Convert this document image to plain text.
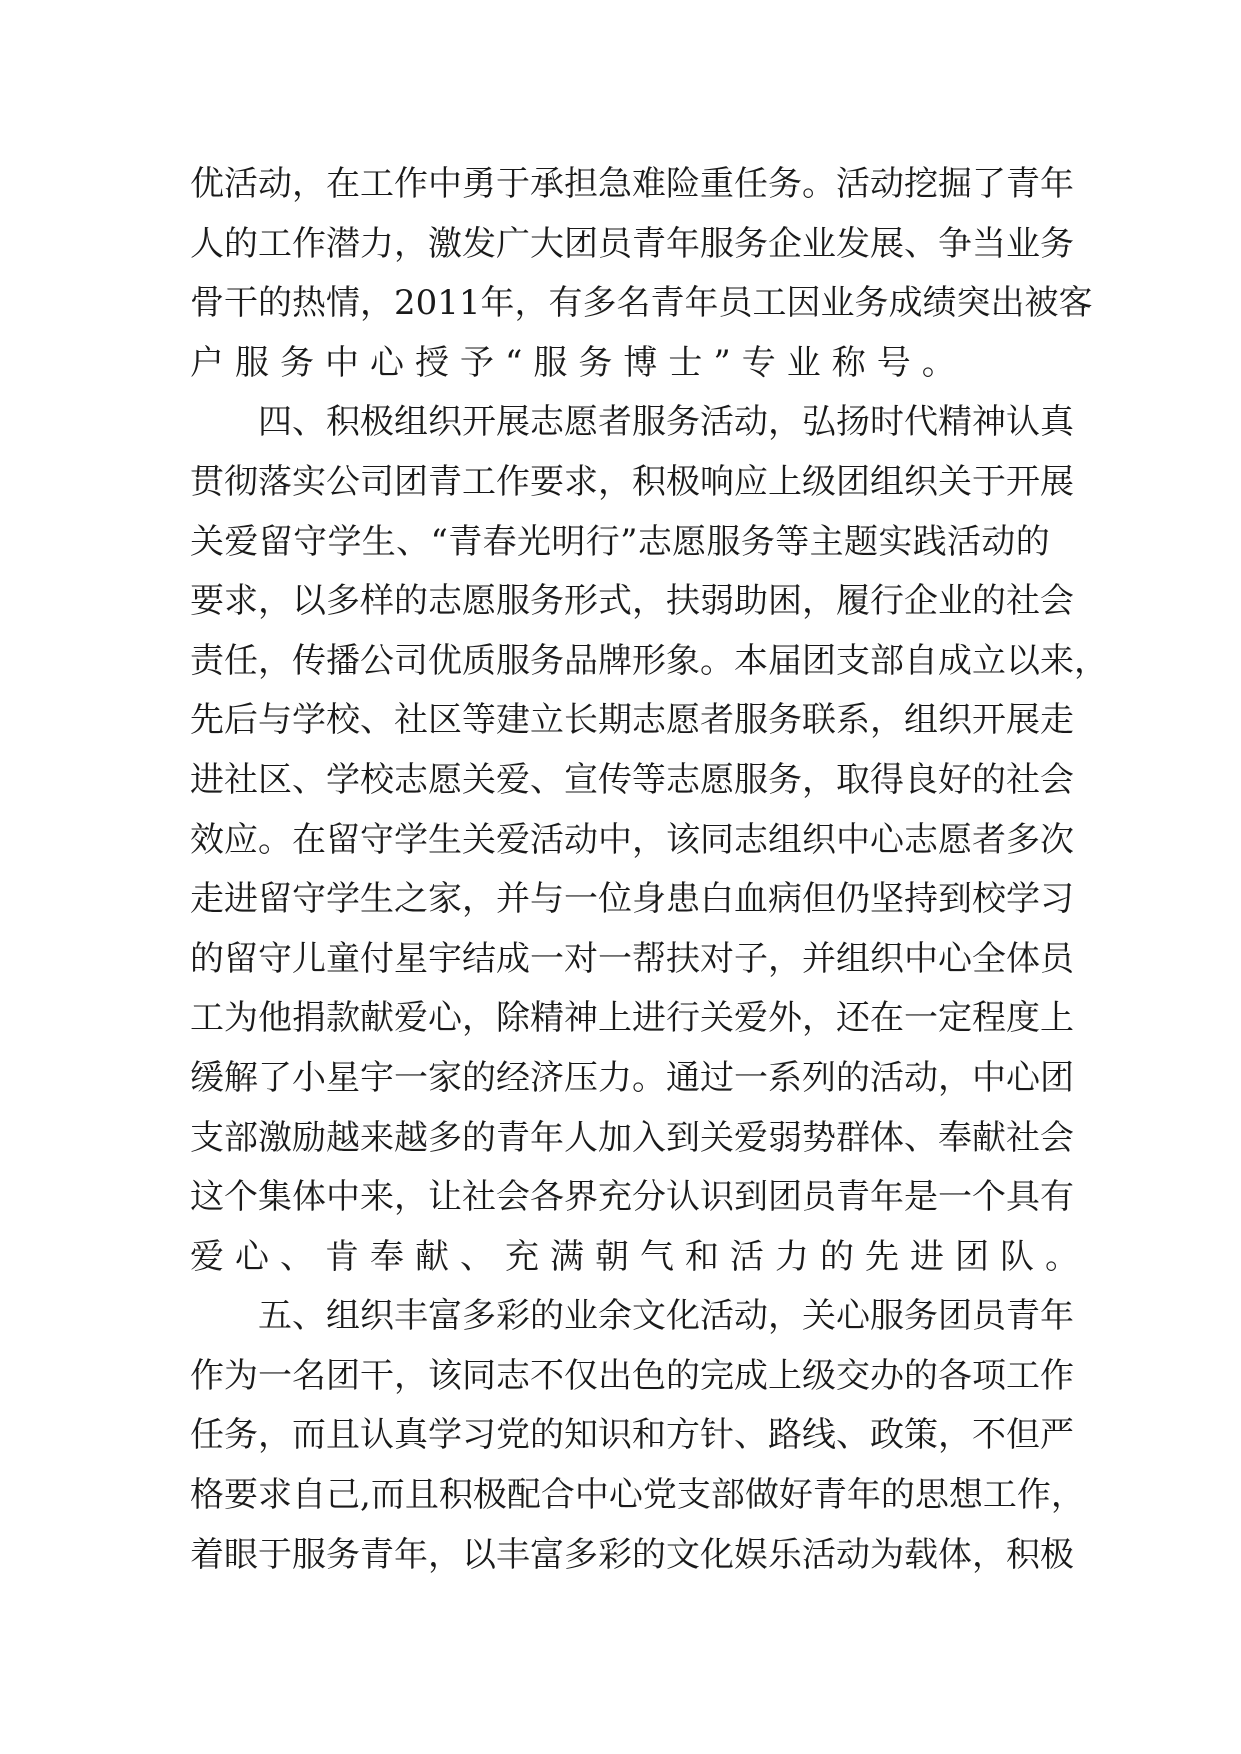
优 活 动 ， 在 工 作 中 勇 于 承 担 急 难 险 重 任 务 。 活 动 挖 掘 了 青 年
人 的 工 作 潜 力 ， 激 发 广 大 团 员 青 年 服 务 企 业 发 展 、 争 当 业 务
骨 干 的 热 情 ， 2011 年 ， 有 多 名 青 年 员 工 因 业 务 成 绩 突 出 被 客
户服务中心授予“服务博士”专业称号。
四 、 积 极 组 织 开 展 志 愿 者 服 务 活 动 ， 弘 扬 时 代 精 神 认 真
贯 彻 落 实 公 司 团 青 工 作 要 求 ， 积 极 响 应 上 级 团 组 织 关 于 开 展
关 爱 留 守 学 生 、 “ 青 春 光 明 行 ” 志 愿 服 务 等 主 题 实 践 活 动 的
要 求 ， 以 多 样 的 志 愿 服 务 形 式 ， 扶 弱 助 困 ， 履 行 企 业 的 社 会
责 任 ， 传 播 公 司 优 质 服 务 品 牌 形 象 。 本 届 团 支 部 自 成 立 以 来 ，
先 后 与 学 校 、 社 区 等 建 立 长 期 志 愿 者 服 务 联 系 ， 组 织 开 展 走
进 社 区 、 学 校 志 愿 关 爱 、 宣 传 等 志 愿 服 务 ， 取 得 良 好 的 社 会
效 应 。 在 留 守 学 生 关 爱 活 动 中 ， 该 同 志 组 织 中 心 志 愿 者 多 次
走 进 留 守 学 生 之 家 ， 并 与 一 位 身 患 白 血 病 但 仍 坚 持 到 校 学 习
的 留 守 儿 童 付 星 宇 结 成 一 对 一 帮 扶 对 子 ， 并 组 织 中 心 全 体 员
工 为 他 捐 款 献 爱 心 ， 除 精 神 上 进 行 关 爱 外 ， 还 在 一 定 程 度 上
缓 解 了 小 星 宇 一 家 的 经 济 压 力 。 通 过 一 系 列 的 活 动 ， 中 心 团
支 部 激 励 越 来 越 多 的 青 年 人 加 入 到 关 爱 弱 势 群 体 、 奉 献 社 会
这 个 集 体 中 来 ， 让 社 会 各 界 充 分 认 识 到 团 员 青 年 是 一 个 具 有
爱心、肯奉献、充满朝气和活力的先进团队。
五 、 组 织 丰 富 多 彩 的 业 余 文 化 活 动 ， 关 心 服 务 团 员 青 年
作 为 一 名 团 干 ， 该 同 志 不 仅 出 色 的 完 成 上 级 交 办 的 各 项 工 作
任 务 ， 而 且 认 真 学 习 党 的 知 识 和 方 针 、 路 线 、 政 策 ， 不 但 严
格 要 求 自 己 , 而 且 积 极 配 合 中 心 党 支 部 做 好 青 年 的 思 想 工 作 ，
着 眼 于 服 务 青 年 ， 以 丰 富 多 彩 的 文 化 娱 乐 活 动 为 载 体 ， 积 极
